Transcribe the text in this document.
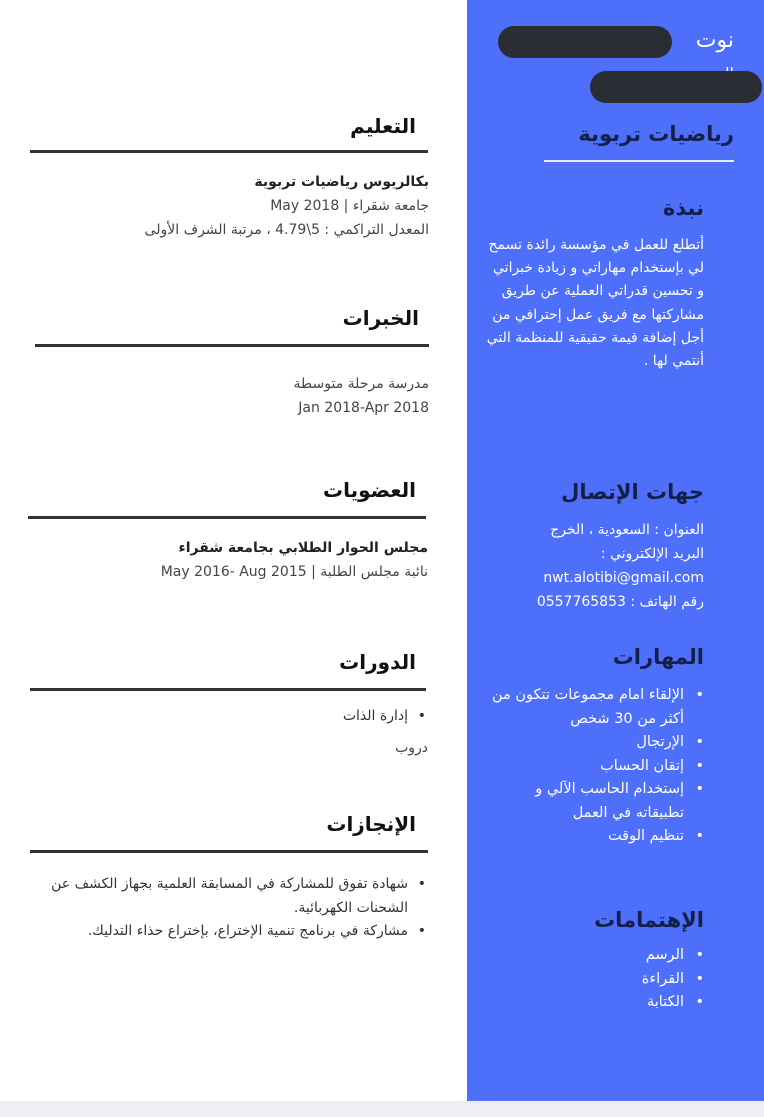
نوت
رياضيات تربوية
نبذة

أتطلع للعمل في مؤسسة رائدة تسمح لي بإستخدام مهاراتي و زيادة خبراتي و تحسين قدراتي العملية عن طريق مشاركتها مع فريق عمل إحترافي من أجل إضافة قيمة حقيقية للمنظمة التي أنتمي لها .

جهات الإتصال
العنوان : السعودية ، الخرج
البريد الإلكتروني :
nwt.alotibi@gmail.com
رقم الهاتف : 0557765853
المهارات
• الإلقاء امام مجموعات تتكون من أكثر من 30 شخص
• الإرتجال
• إتقان الحساب
• إستخدام الحاسب الآلي و تطبيقاته في العمل
• تنظيم الوقت
الإهتمامات
• الرسم
• القراءة
• الكتابة
التعليم
بكالريوس رياضيات تربوية
جامعة شقراء | May 2018
المعدل التراكمي : 5\4.79 ، مرتبة الشرف الأولى
الخبرات
مدرسة مرحلة متوسطة
Jan 2018-Apr 2018
العضويات
مجلس الحوار الطلابي بجامعة شقراء
نائبة مجلس الطلبة | May 2016- Aug 2015
الدورات
• إدارة الذات
دروب
الإنجازات
• شهادة تفوق للمشاركة في المسابقة العلمية بجهاز الكشف عن الشحنات الكهربائية.
• مشاركة في برنامج تنمية الإختراع، بإختراع حذاء التدليك.
